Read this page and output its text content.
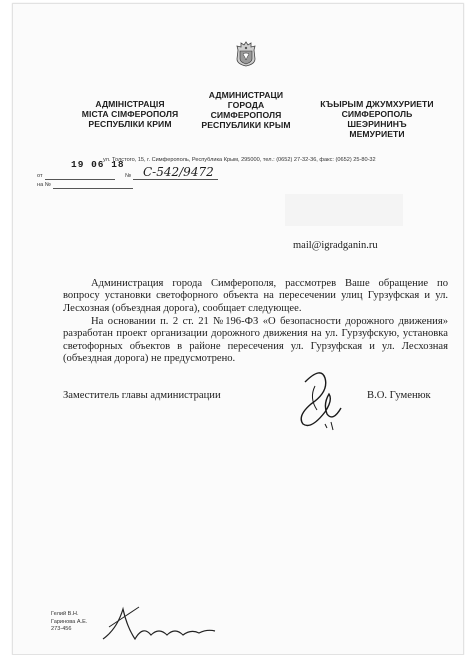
АДМІНІСТРАЦІЯ
МІСТА СІМФЕРОПОЛЯ
РЕСПУБЛІКИ КРИМ
АДМИНИСТРАЦИ
ГОРОДА
СИМФЕРОПОЛЯ
РЕСПУБЛИКИ КРЫМ
КЪЫРЫМ ДЖУМХУРИЕТИ
СИМФЕРОПОЛЬ
ШЕЭРИНИНЪ
МЕМУРИЕТИ
ул. Толстого, 15, г. Симферополь, Республика Крым, 295000, тел.: (0652) 27-32-36, факс: (0652) 25-80-32
19 06 18
от	№ С-542/9472
на №
mail@igradganin.ru
Администрация города Симферополя, рассмотрев Ваше обращение по вопросу установки светофорного объекта на пересечении улиц Гурзуфская и ул. Лесхозная (объездная дорога), сообщает следующее.
На основании п. 2 ст. 21 №196-ФЗ «О безопасности дорожного движения» разработан проект организации дорожного движения на ул. Гурзуфскую, установка светофорных объектов в районе пересечения ул. Гурзуфская и ул. Лесхозная (объездная дорога) не предусмотрено.
Заместитель главы администрации	В.О. Гуменюк
Гелий В.Н.
Гаринова А.Е.
273-456
